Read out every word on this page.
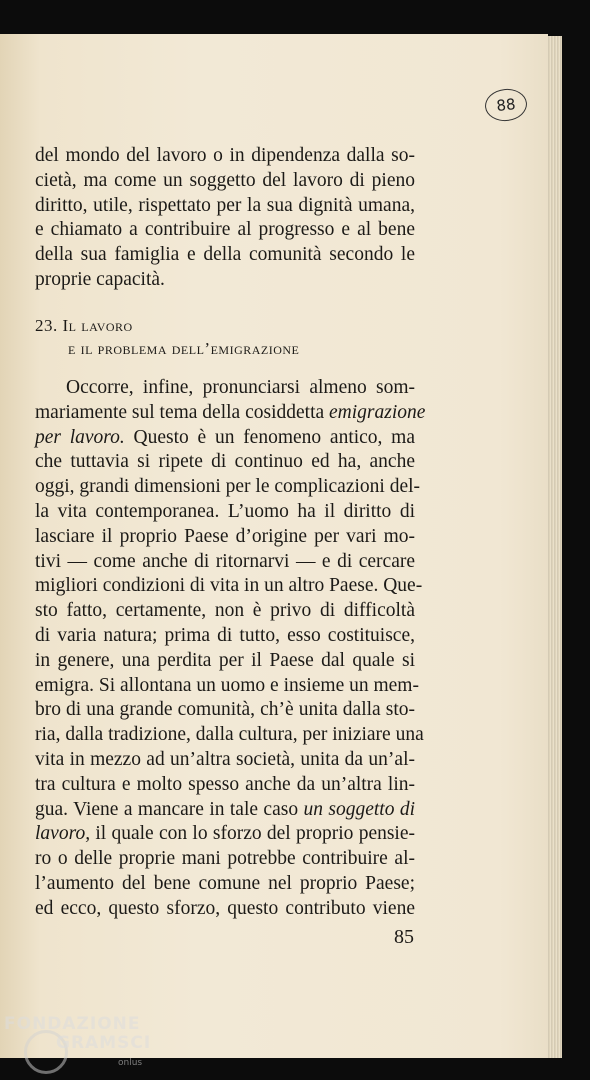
88
del mondo del lavoro o in dipendenza dalla so-
cietà, ma come un soggetto del lavoro di pieno
diritto, utile, rispettato per la sua dignità umana,
e chiamato a contribuire al progresso e al bene
della sua famiglia e della comunità secondo le
proprie capacità.
23. Il lavoro
e il problema dell’emigrazione
Occorre, infine, pronunciarsi almeno som-
mariamente sul tema della cosiddetta emigrazione
per lavoro. Questo è un fenomeno antico, ma
che tuttavia si ripete di continuo ed ha, anche
oggi, grandi dimensioni per le complicazioni del-
la vita contemporanea. L’uomo ha il diritto di
lasciare il proprio Paese d’origine per vari mo-
tivi — come anche di ritornarvi — e di cercare
migliori condizioni di vita in un altro Paese. Que-
sto fatto, certamente, non è privo di difficoltà
di varia natura; prima di tutto, esso costituisce,
in genere, una perdita per il Paese dal quale si
emigra. Si allontana un uomo e insieme un mem-
bro di una grande comunità, ch’è unita dalla sto-
ria, dalla tradizione, dalla cultura, per iniziare una
vita in mezzo ad un’altra società, unita da un’al-
tra cultura e molto spesso anche da un’altra lin-
gua. Viene a mancare in tale caso un soggetto di
lavoro, il quale con lo sforzo del proprio pensie-
ro o delle proprie mani potrebbe contribuire al-
l’aumento del bene comune nel proprio Paese;
ed ecco, questo sforzo, questo contributo viene
85
FONDAZIONE
GRAMSCI
onlus
